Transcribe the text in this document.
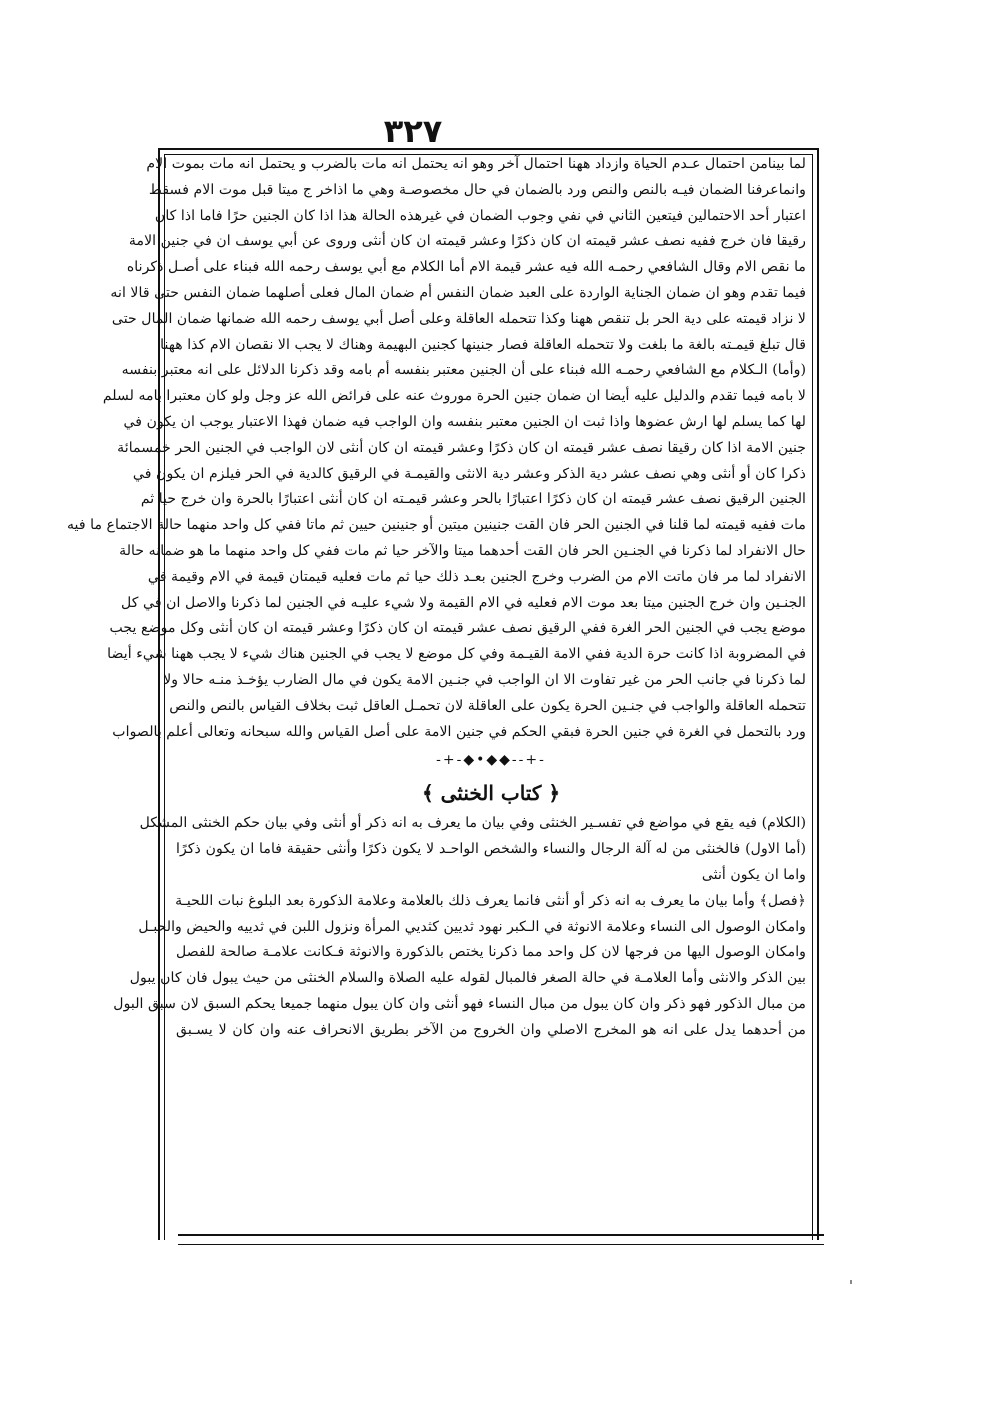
٣٢٧
لما بينامن احتمال عـدم الحياة وازداد ههنا احتمال آخر وهو انه يحتمل انه مات بالضرب و يحتمل انه مات بموت الام
وانماعرفنا الضمان فيـه بالنص والنص ورد بالضمان في حال مخصوصـة وهي ما اذاخر ج ميتا قبل موت الام فسقط
اعتبار أحد الاحتمالين فيتعين الثاني في نفي وجوب الضمان في غيرهذه الحالة هذا اذا كان الجنين حرًا فاما اذا كان
رقيقا فان خرج ففيه نصف عشر قيمته ان كان ذكرًا وعشر قيمته ان كان أنثى وروى عن أبي يوسف ان في جنين الامة
ما نقص الام وقال الشافعي رحمـه الله فيه عشر قيمة الام أما الكلام مع أبي يوسف رحمه الله فبناء على أصـل ذكرناه
فيما تقدم وهو ان ضمان الجناية الواردة على العبد ضمان النفس أم ضمان المال فعلى أصلهما ضمان النفس حتى قالا انه
لا نزاد قيمته على دية الحر بل تنقص ههنا وكذا تتحمله العاقلة وعلى أصل أبي يوسف رحمه الله ضمانها ضمان المال حتى
قال تبلغ قيمـته بالغة ما بلغت ولا تتحمله العاقلة فصار جنينها كجنين البهيمة وهناك لا يجب الا نقصان الام كذا ههنا
(وأما) الـكلام مع الشافعي رحمـه الله فبناء على أن الجنين معتبر بنفسه أم بامه وقد ذكرنا الدلائل على انه معتبر بنفسه
لا بامه فيما تقدم والدليل عليه أيضا ان ضمان جنين الحرة موروث عنه على فرائض الله عز وجل ولو كان معتبرا بامه لسلم
لها كما يسلم لها ارش عضوها واذا ثبت ان الجنين معتبر بنفسه وان الواجب فيه ضمان فهذا الاعتبار يوجب ان يكون في
جنين الامة اذا كان رقيقا نصف عشر قيمته ان كان ذكرًا وعشر قيمته ان كان أنثى لان الواجب في الجنين الحر خمسمائة
ذكرا كان أو أنثى وهي نصف عشر دية الذكر وعشر دية الانثى والقيمـة في الرقيق كالدية في الحر فيلزم ان يكون في
الجنين الرقيق نصف عشر قيمته ان كان ذكرًا اعتبارًا بالحر وعشر قيمـته ان كان أنثى اعتبارًا بالحرة وان خرج حيا ثم
مات ففيه قيمته لما قلنا في الجنين الحر فان القت جنينين ميتين أو جنينين حيين ثم ماتا ففي كل واحد منهما حالة الاجتماع ما فيه
حال الانفراد لما ذكرنا في الجنـين الحر فان القت أحدهما ميتا والآخر حيا ثم مات ففي كل واحد منهما ما هو ضمانه حالة
الانفراد لما مر فان ماتت الام من الضرب وخرج الجنين بعـد ذلك حيا ثم مات فعليه قيمتان قيمة في الام وقيمة في
الجنـين وان خرج الجنين ميتا بعد موت الام فعليه في الام القيمة ولا شيء عليـه في الجنين لما ذكرنا والاصل ان في كل
موضع يجب في الجنين الحر الغرة ففي الرقيق نصف عشر قيمته ان كان ذكرًا وعشر قيمته ان كان أنثى وكل موضع يجب
في المضروبة اذا كانت حرة الدية ففي الامة القيـمة وفي كل موضع لا يجب في الجنين هناك شيء لا يجب ههنا شيء أيضا
لما ذكرنا في جانب الحر من غير تفاوت الا ان الواجب في جنـين الامة يكون في مال الضارب يؤخـذ منـه حالا ولا
تتحمله العاقلة والواجب في جنـين الحرة يكون على العاقلة لان تحمـل العاقل ثبت بخلاف القياس بالنص والنص
ورد بالتحمل في الغرة في جنين الحرة فبقي الحكم في جنين الامة على أصل القياس والله سبحانه وتعالى أعلم بالصواب
-+-◆•◆◆--+-
﴿ كتاب الخنثى ﴾
(الكلام) فيه يقع في مواضع في تفسـير الخنثى وفي بيان ما يعرف به انه ذكر أو أنثى وفي بيان حكم الخنثى المشكل
(أما الاول) فالخنثى من له آلة الرجال والنساء والشخص الواحـد لا يكون ذكرًا وأنثى حقيقة فاما ان يكون ذكرًا
واما ان يكون أنثى
﴿فصل﴾ وأما بيان ما يعرف به انه ذكر أو أنثى فانما يعرف ذلك بالعلامة وعلامة الذكورة بعد البلوغ نبات اللحيـة
وامكان الوصول الى النساء وعلامة الانوثة في الـكبر نهود ثديين كثديي المرأة ونزول اللبن في ثدييه والحيض والحبـل
وامكان الوصول اليها من فرجها لان كل واحد مما ذكرنا يختص بالذكورة والانوثة فـكانت علامـة صالحة للفصل
بين الذكر والانثى وأما العلامـة في حالة الصغر فالمبال لقوله عليه الصلاة والسلام الخنثى من حيث يبول فان كان يبول
من مبال الذكور فهو ذكر وان كان يبول من مبال النساء فهو أنثى وان كان يبول منهما جميعا يحكم السبق لان سبق البول
من أحدهما يدل على انه هو المخرج الاصلي وان الخروج من الآخر بطريق الانحراف عنه وان كان لا يسـبق
